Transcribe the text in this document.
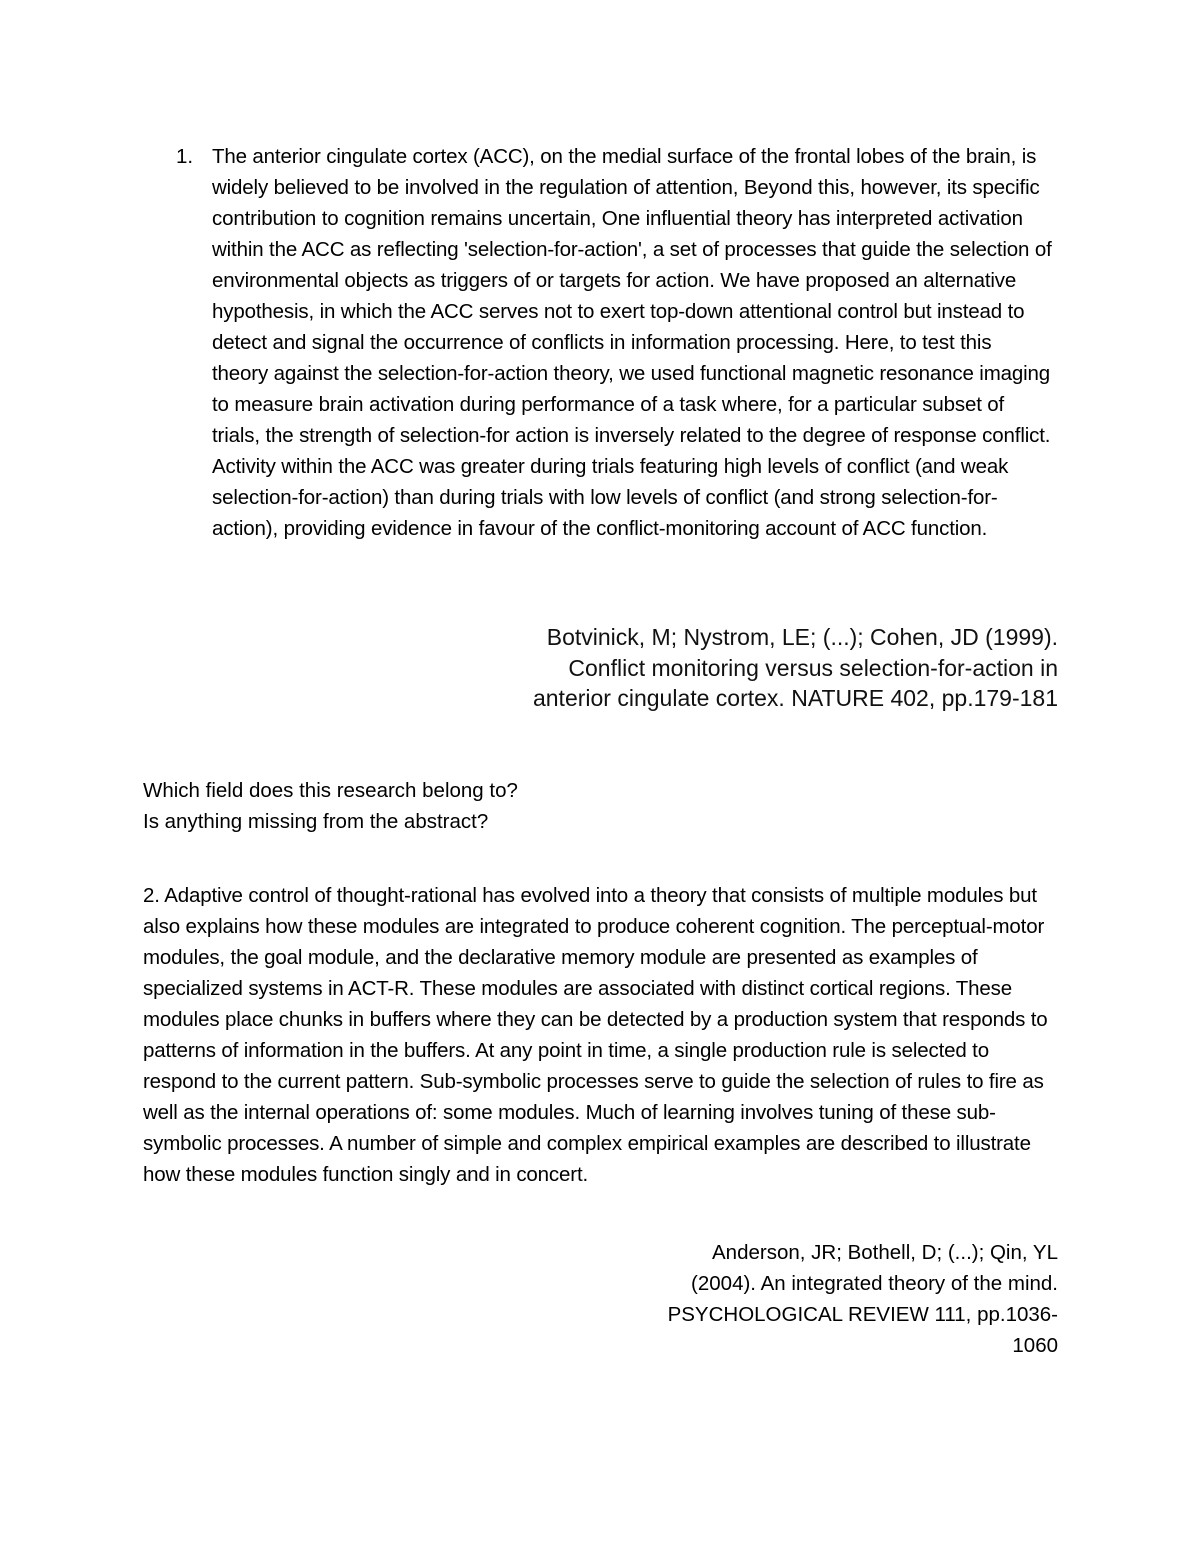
1. The anterior cingulate cortex (ACC), on the medial surface of the frontal lobes of the brain, is widely believed to be involved in the regulation of attention, Beyond this, however, its specific contribution to cognition remains uncertain, One influential theory has interpreted activation within the ACC as reflecting 'selection-for-action', a set of processes that guide the selection of environmental objects as triggers of or targets for action. We have proposed an alternative hypothesis, in which the ACC serves not to exert top-down attentional control but instead to detect and signal the occurrence of conflicts in information processing. Here, to test this theory against the selection-for-action theory, we used functional magnetic resonance imaging to measure brain activation during performance of a task where, for a particular subset of trials, the strength of selection-for action is inversely related to the degree of response conflict. Activity within the ACC was greater during trials featuring high levels of conflict (and weak selection-for-action) than during trials with low levels of conflict (and strong selection-for-action), providing evidence in favour of the conflict-monitoring account of ACC function.

Botvinick, M; Nystrom, LE; (...); Cohen, JD (1999). Conflict monitoring versus selection-for-action in anterior cingulate cortex. NATURE 402, pp.179-181

Which field does this research belong to?

Is anything missing from the abstract?

2. Adaptive control of thought-rational has evolved into a theory that consists of multiple modules but also explains how these modules are integrated to produce coherent cognition. The perceptual-motor modules, the goal module, and the declarative memory module are presented as examples of specialized systems in ACT-R. These modules are associated with distinct cortical regions. These modules place chunks in buffers where they can be detected by a production system that responds to patterns of information in the buffers. At any point in time, a single production rule is selected to respond to the current pattern. Sub-symbolic processes serve to guide the selection of rules to fire as well as the internal operations of: some modules. Much of learning involves tuning of these sub-symbolic processes. A number of simple and complex empirical examples are described to illustrate how these modules function singly and in concert.

Anderson, JR; Bothell, D; (...); Qin, YL (2004). An integrated theory of the mind. PSYCHOLOGICAL REVIEW 111, pp.1036-1060
